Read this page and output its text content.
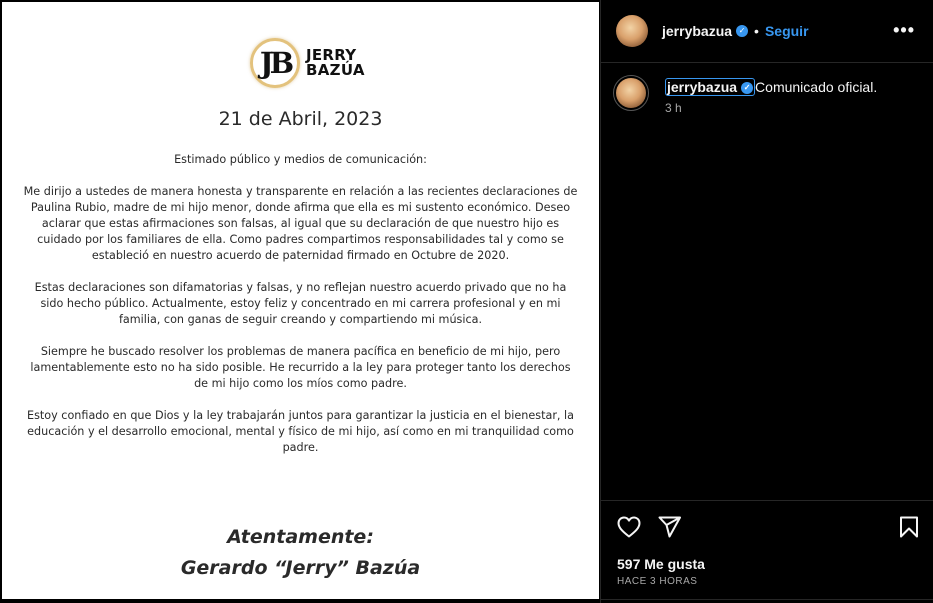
JB	JERRY
BAZÚA
21 de Abril, 2023

Estimado público y medios de comunicación:

Me dirijo a ustedes de manera honesta y transparente en relación a las recientes declaraciones de Paulina Rubio, madre de mi hijo menor, donde afirma que ella es mi sustento económico. Deseo aclarar que estas afirmaciones son falsas, al igual que su declaración de que nuestro hijo es cuidado por los familiares de ella. Como padres compartimos responsabilidades tal y como se estableció en nuestro acuerdo de paternidad firmado en Octubre de 2020.

Estas declaraciones son difamatorias y falsas, y no reflejan nuestro acuerdo privado que no ha sido hecho público. Actualmente, estoy feliz y concentrado en mi carrera profesional y en mi familia, con ganas de seguir creando y compartiendo mi música.

Siempre he buscado resolver los problemas de manera pacífica en beneficio de mi hijo, pero lamentablemente esto no ha sido posible. He recurrido a la ley para proteger tanto los derechos de mi hijo como los míos como padre.

Estoy confiado en que Dios y la ley trabajarán juntos para garantizar la justicia en el bienestar, la educación y el desarrollo emocional, mental y físico de mi hijo, así como en mi tranquilidad como padre.

Atentamente:
Gerardo “Jerry” Bazúa
jerrybazua ✓ • Seguir	•••
jerrybazua ✓ Comunicado oficial.
3 h
597 Me gusta
HACE 3 HORAS
